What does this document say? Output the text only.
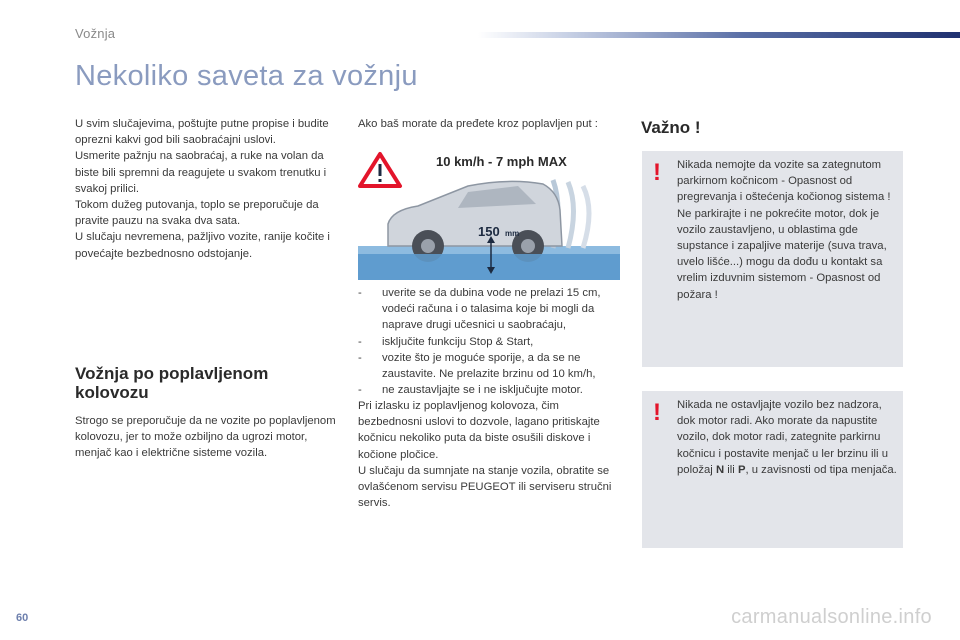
Vožnja
Nekoliko saveta za vožnju

U svim slučajevima, poštujte putne propise i budite oprezni kakvi god bili saobraćajni uslovi.

Usmerite pažnju na saobraćaj, a ruke na volan da biste bili spremni da reagujete u svakom trenutku i svakoj prilici.

Tokom dužeg putovanja, toplo se preporučuje da pravite pauzu na svaka dva sata.

U slučaju nevremena, pažljivo vozite, ranije kočite i povećajte bezbednosno odstojanje.

Vožnja po poplavljenom kolovozu

Strogo se preporučuje da ne vozite po poplavljenom kolovozu, jer to može ozbiljno da ugrozi motor, menjač kao i električne sisteme vozila.

Ako baš morate da pređete kroz poplavljen put :

10 km/h - 7 mph MAX
150 mm
-	uverite se da dubina vode ne prelazi 15 cm, vodeći računa i o talasima koje bi mogli da naprave drugi učesnici u saobraćaju,
-	isključite funkciju Stop & Start,
-	vozite što je moguće sporije, a da se ne zaustavite. Ne prelazite brzinu od 10 km/h,
-	ne zaustavljajte se i ne isključujte motor.

Pri izlasku iz poplavljenog kolovoza, čim bezbednosni uslovi to dozvole, lagano pritiskajte kočnicu nekoliko puta da biste osušili diskove i kočione pločice.

U slučaju da sumnjate na stanje vozila, obratite se ovlašćenom servisu PEUGEOT ili serviseru stručni servis.

Važno !
! Nikada nemojte da vozite sa zategnutom parkirnom kočnicom - Opasnost od pregrevanja i oštećenja kočionog sistema !

Ne parkirajte i ne pokrećite motor, dok je vozilo zaustavljeno, u oblastima gde supstance i zapaljive materije (suva trava, uvelo lišće...) mogu da dođu u kontakt sa vrelim izduvnim sistemom - Opasnost od požara !

! Nikada ne ostavljajte vozilo bez nadzora, dok motor radi. Ako morate da napustite vozilo, dok motor radi, zategnite parkirnu kočnicu i postavite menjač u ler brzinu ili u položaj N ili P, u zavisnosti od tipa menjača.

60	carmanualsonline.info
